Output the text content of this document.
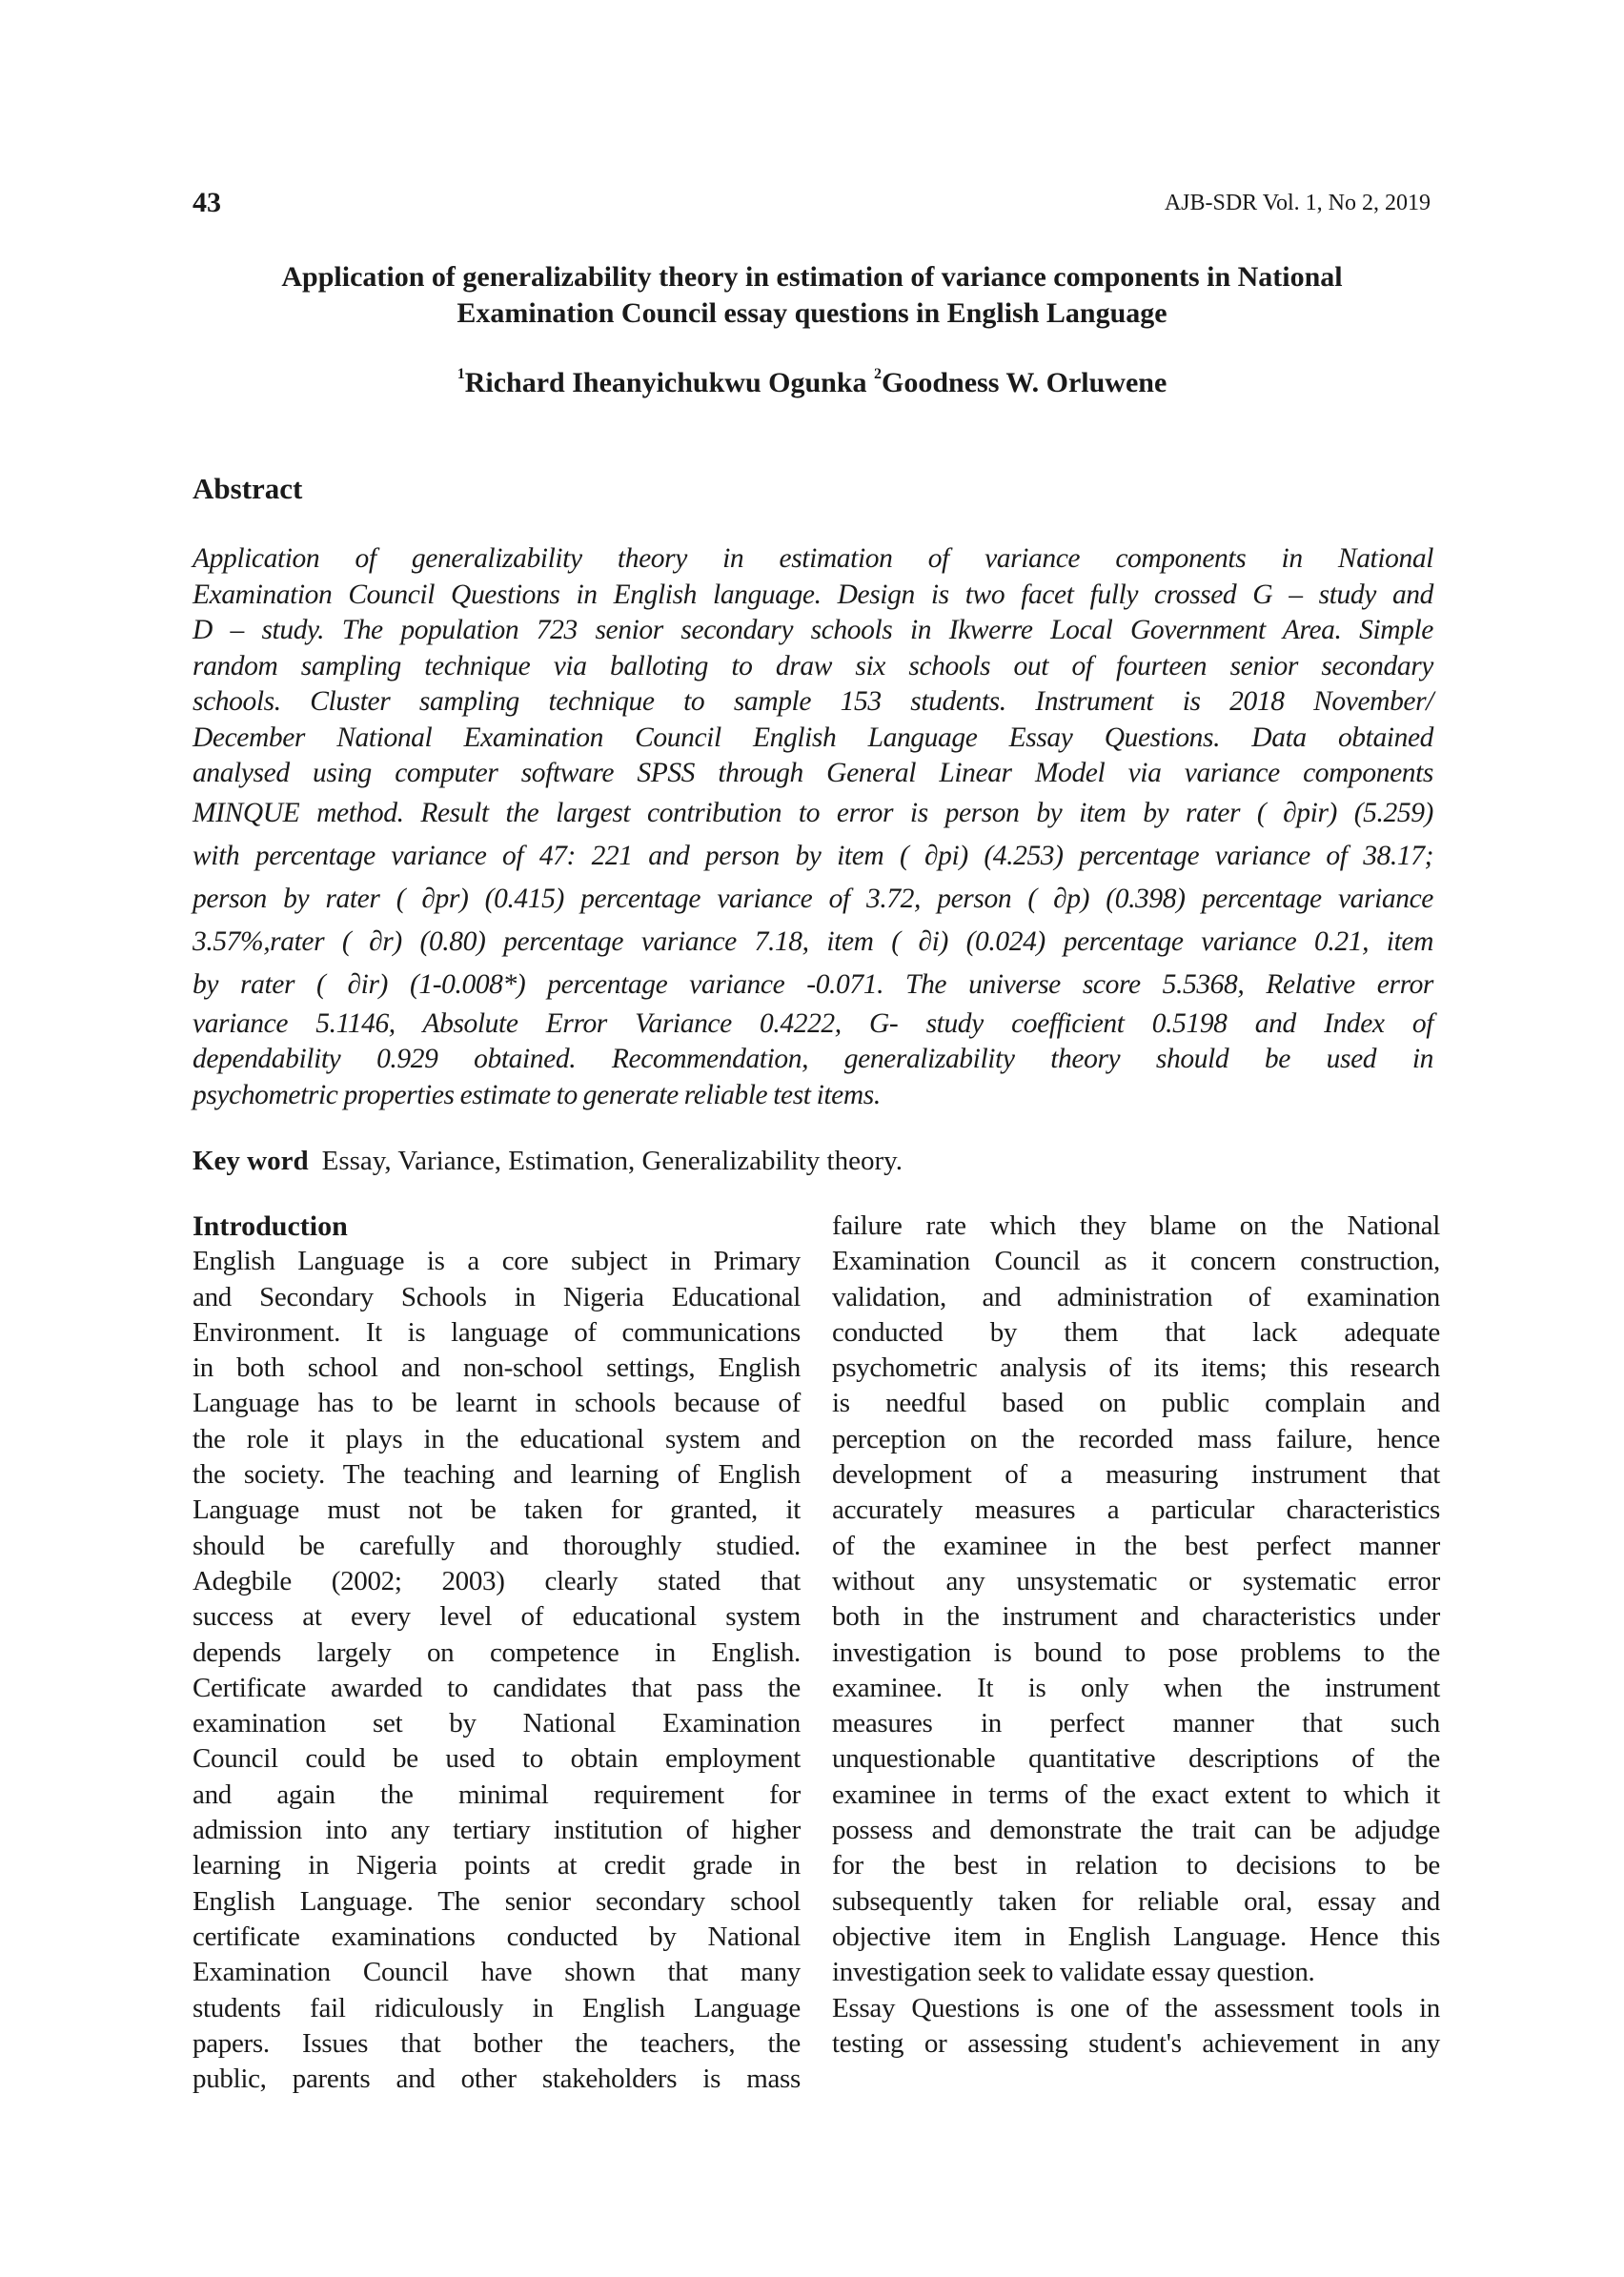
43	AJB-SDR Vol. 1, No 2, 2019
Application of generalizability theory in estimation of variance components in National
Examination Council essay questions in English Language
$^1$Richard Iheanyichukwu Ogunka $^2$Goodness W. Orluwene
Abstract
Application of generalizability theory in estimation of variance components in National
Examination Council Questions in English language. Design is two facet fully crossed G – study and
D – study. The population 723 senior secondary schools in Ikwerre Local Government Area. Simple
random sampling technique via balloting to draw six schools out of fourteen senior secondary
schools. Cluster sampling technique to sample 153 students. Instrument is 2018 November/
December National Examination Council English Language Essay Questions. Data obtained
analysed using computer software SPSS through General Linear Model via variance components
MINQUE method. Result the largest contribution to error is person by item by rater ( ∂pir) (5.259)
with percentage variance of 47: 221 and person by item ( ∂pi) (4.253) percentage variance of 38.17;
person by rater ( ∂pr) (0.415) percentage variance of 3.72, person ( ∂p) (0.398) percentage variance
3.57%,rater ( ∂r) (0.80) percentage variance 7.18, item ( ∂i) (0.024) percentage variance 0.21, item
by rater ( ∂ir) (1-0.008*) percentage variance -0.071. The universe score 5.5368, Relative error
variance 5.1146, Absolute Error Variance 0.4222, G- study coefficient 0.5198 and Index of
dependability 0.929 obtained. Recommendation, generalizability theory should be used in
psychometric properties estimate to generate reliable test items.
Key word Essay, Variance, Estimation, Generalizability theory.
Introduction
English Language is a core subject in Primary
and Secondary Schools in Nigeria Educational
Environment. It is language of communications
in both school and non-school settings, English
Language has to be learnt in schools because of
the role it plays in the educational system and
the society. The teaching and learning of English
Language must not be taken for granted, it
should be carefully and thoroughly studied.
Adegbile (2002; 2003) clearly stated that
success at every level of educational system
depends largely on competence in English.
Certificate awarded to candidates that pass the
examination set by National Examination
Council could be used to obtain employment
and again the minimal requirement for
admission into any tertiary institution of higher
learning in Nigeria points at credit grade in
English Language. The senior secondary school
certificate examinations conducted by National
Examination Council have shown that many
students fail ridiculously in English Language
papers. Issues that bother the teachers, the
public, parents and other stakeholders is mass
failure rate which they blame on the National
Examination Council as it concern construction,
validation, and administration of examination
conducted by them that lack adequate
psychometric analysis of its items; this research
is needful based on public complain and
perception on the recorded mass failure, hence
development of a measuring instrument that
accurately measures a particular characteristics
of the examinee in the best perfect manner
without any unsystematic or systematic error
both in the instrument and characteristics under
investigation is bound to pose problems to the
examinee. It is only when the instrument
measures in perfect manner that such
unquestionable quantitative descriptions of the
examinee in terms of the exact extent to which it
possess and demonstrate the trait can be adjudge
for the best in relation to decisions to be
subsequently taken for reliable oral, essay and
objective item in English Language. Hence this
investigation seek to validate essay question.
Essay Questions is one of the assessment tools in
testing or assessing student's achievement in any
